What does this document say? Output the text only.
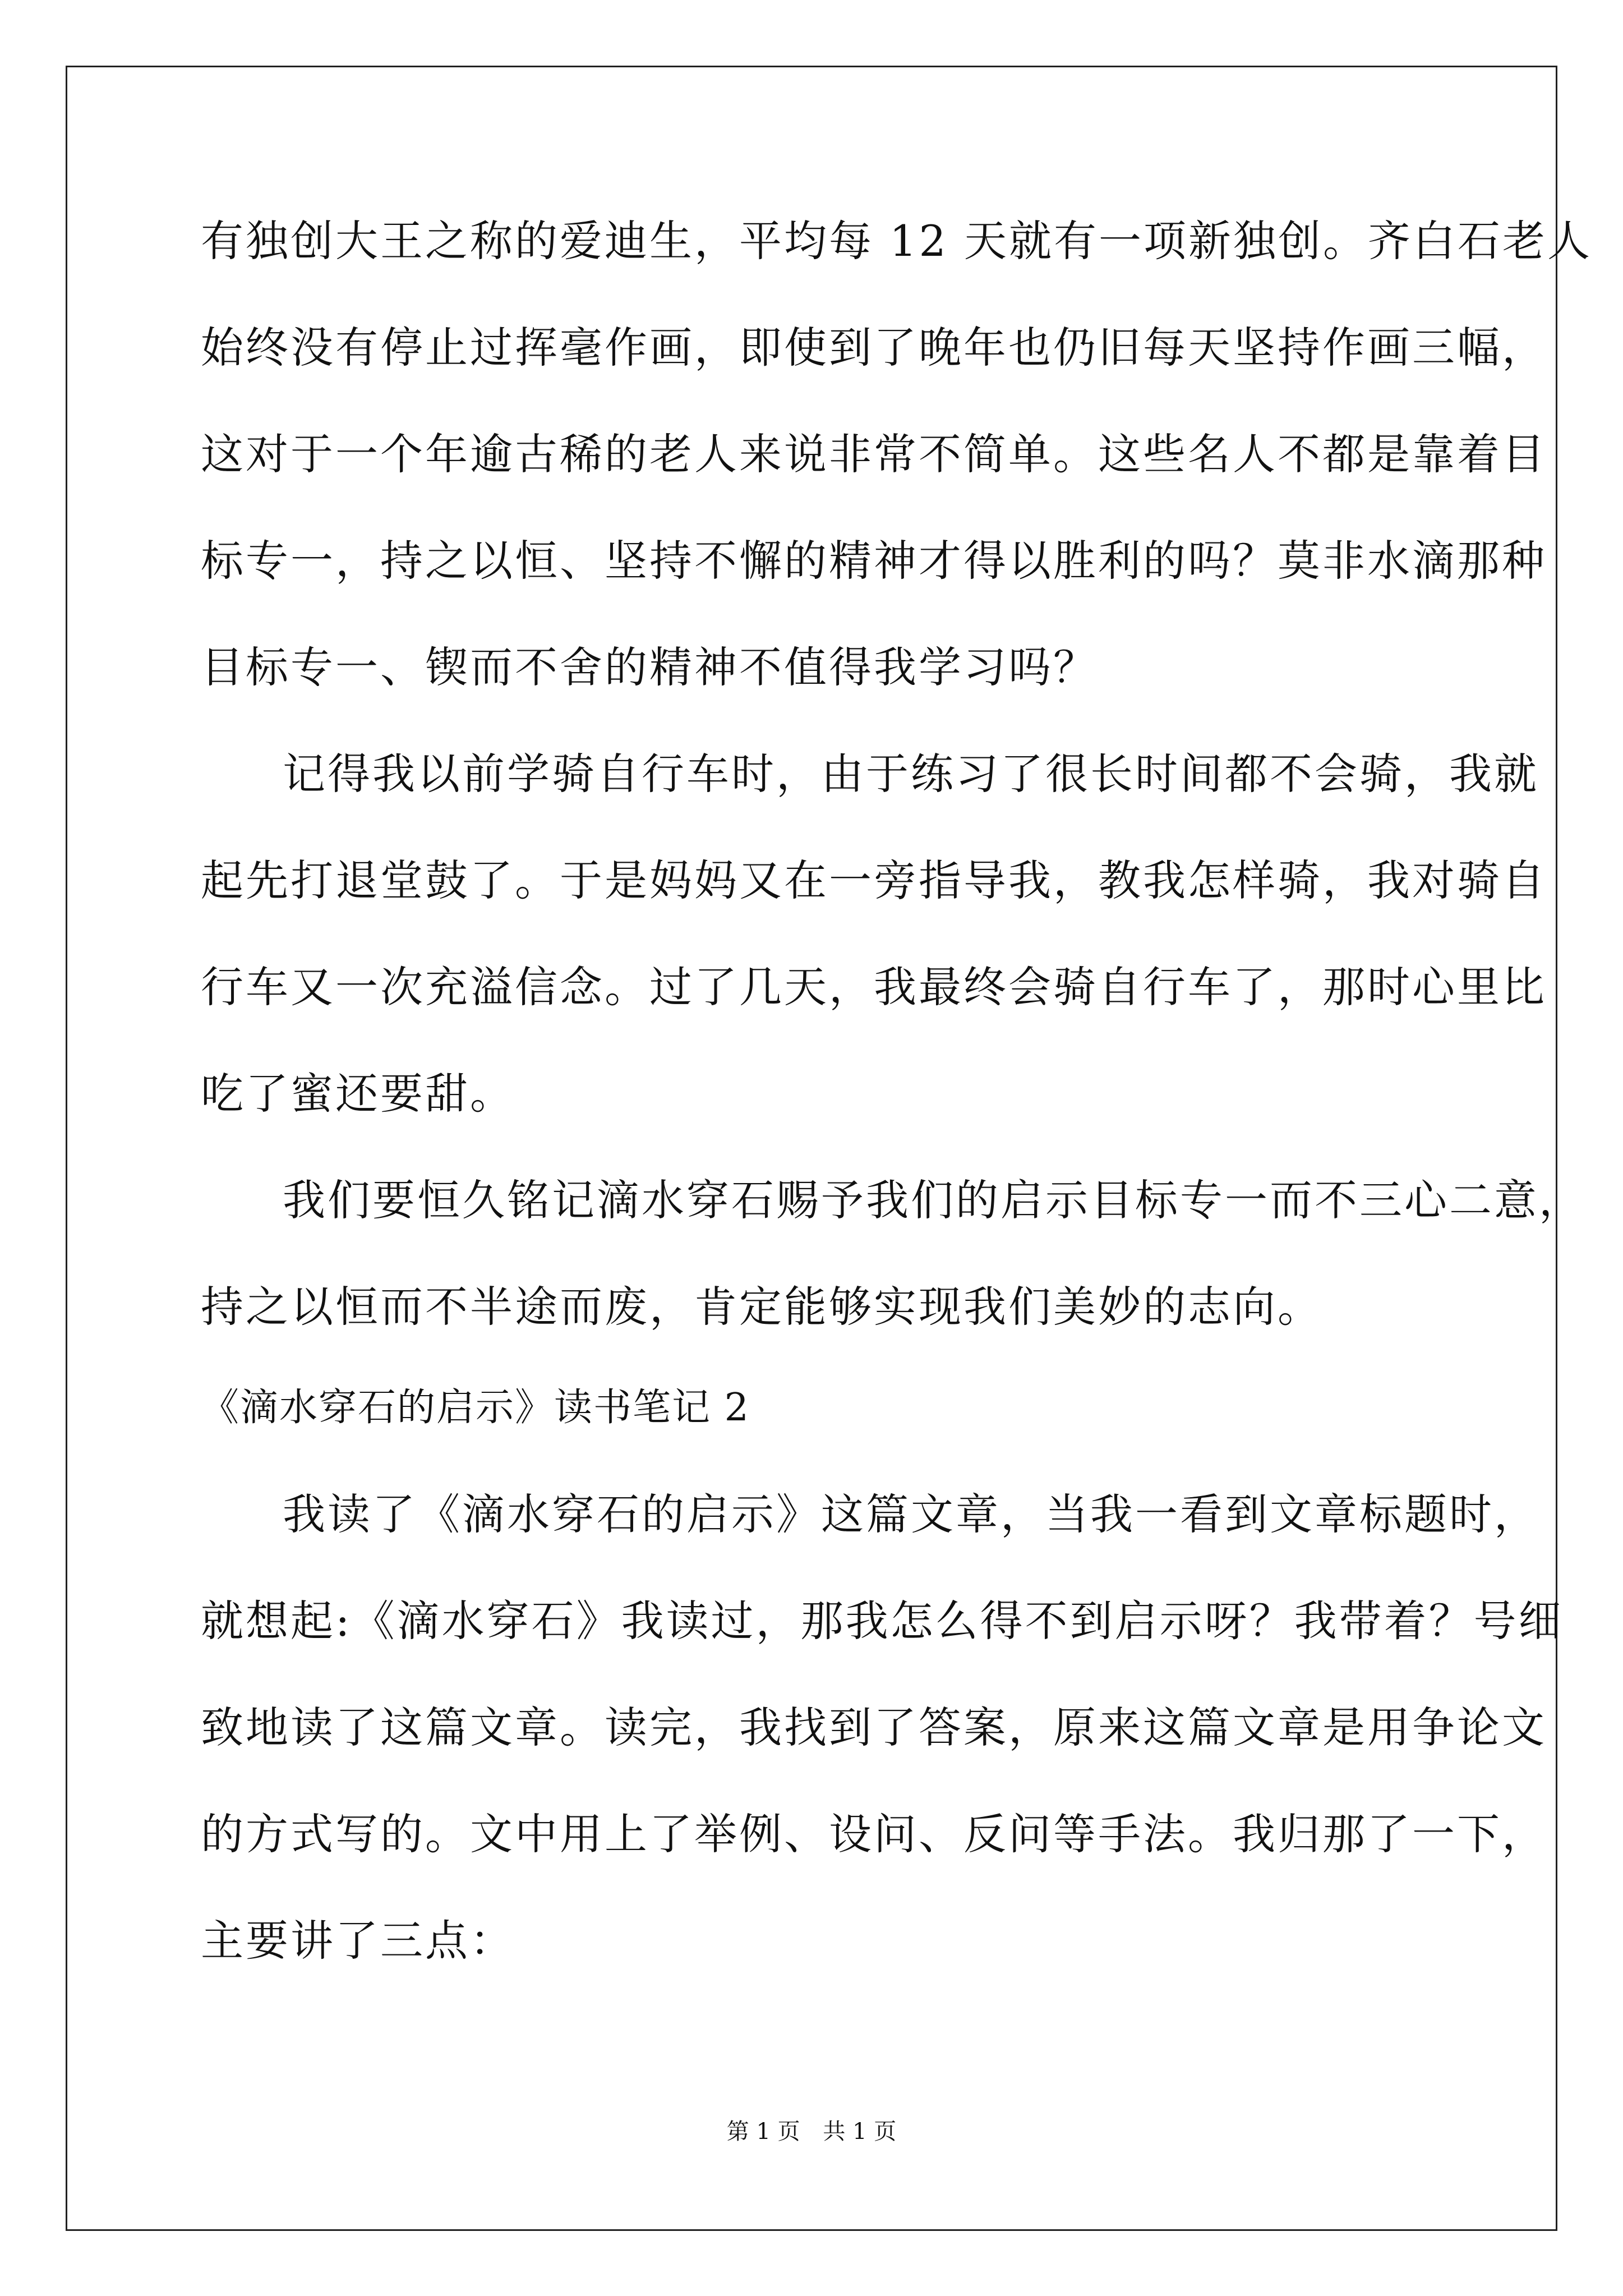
有独创大王之称的爱迪生，平均每 12 天就有一项新独创。齐白石老人
始终没有停止过挥毫作画，即使到了晚年也仍旧每天坚持作画三幅，
这对于一个年逾古稀的老人来说非常不简单。这些名人不都是靠着目
标专一，持之以恒、坚持不懈的精神才得以胜利的吗？莫非水滴那种
目标专一、锲而不舍的精神不值得我学习吗？
记得我以前学骑自行车时，由于练习了很长时间都不会骑，我就
起先打退堂鼓了。于是妈妈又在一旁指导我，教我怎样骑，我对骑自
行车又一次充溢信念。过了几天，我最终会骑自行车了，那时心里比
吃了蜜还要甜。
我们要恒久铭记滴水穿石赐予我们的启示目标专一而不三心二意，
持之以恒而不半途而废，肯定能够实现我们美妙的志向。
《滴水穿石的启示》读书笔记 2
我读了《滴水穿石的启示》这篇文章，当我一看到文章标题时，
就想起:《滴水穿石》我读过，那我怎么得不到启示呀？我带着？号细
致地读了这篇文章。读完，我找到了答案，原来这篇文章是用争论文
的方式写的。文中用上了举例、设问、反问等手法。我归那了一下，
主要讲了三点：
第 1 页 共 1 页
